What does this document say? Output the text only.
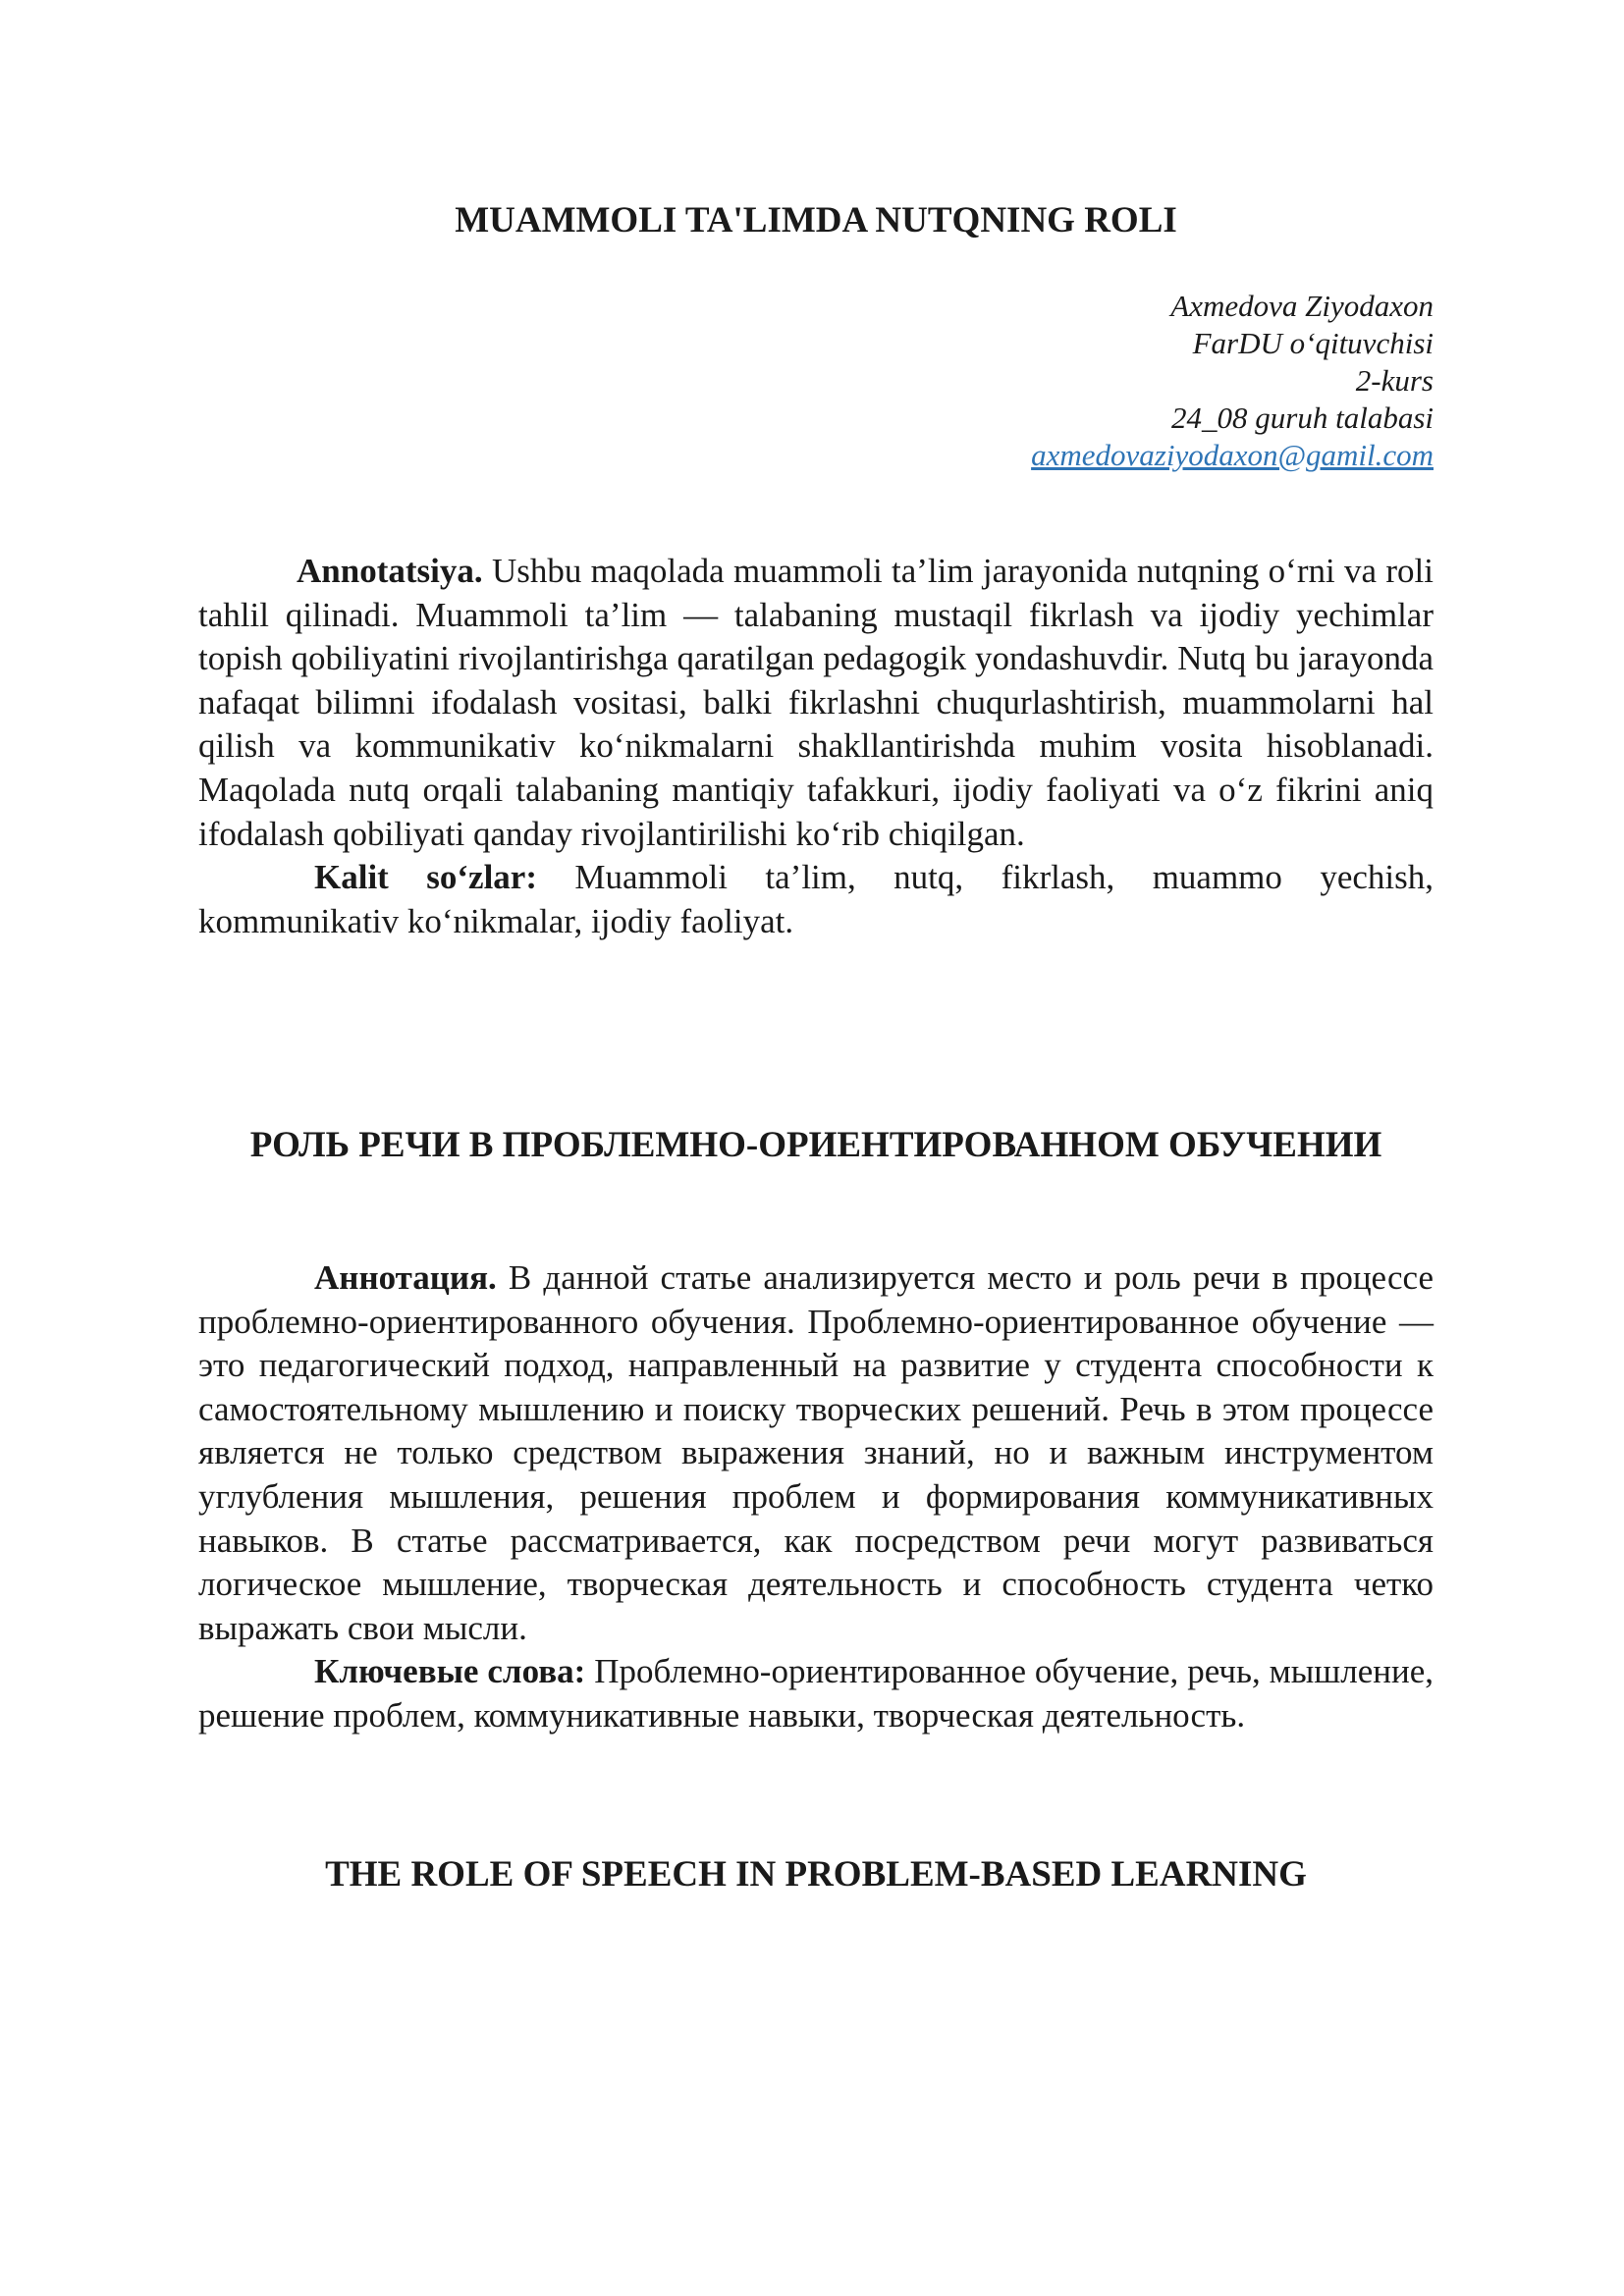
MUAMMOLI TA'LIMDA NUTQNING ROLI
Axmedova Ziyodaxon
FarDU o‘qituvchisi
2-kurs
24_08 guruh talabasi
axmedovaziyodaxon@gamil.com

Annotatsiya. Ushbu maqolada muammoli ta’lim jarayonida nutqning o‘rni va roli tahlil qilinadi. Muammoli ta’lim — talabaning mustaqil fikrlash va ijodiy yechimlar topish qobiliyatini rivojlantirishga qaratilgan pedagogik yondashuvdir. Nutq bu jarayonda nafaqat bilimni ifodalash vositasi, balki fikrlashni chuqurlashtirish, muammolarni hal qilish va kommunikativ ko‘nikmalarni shakllantirishda muhim vosita hisoblanadi. Maqolada nutq orqali talabaning mantiqiy tafakkuri, ijodiy faoliyati va o‘z fikrini aniq ifodalash qobiliyati qanday rivojlantirilishi ko‘rib chiqilgan.
Kalit so‘zlar: Muammoli ta’lim, nutq, fikrlash, muammo yechish, kommunikativ ko‘nikmalar, ijodiy faoliyat.

РОЛЬ РЕЧИ В ПРОБЛЕМНО-ОРИЕНТИРОВАННОМ ОБУЧЕНИИ

Аннотация. В данной статье анализируется место и роль речи в процессе проблемно-ориентированного обучения. Проблемно-ориентированное обучение — это педагогический подход, направленный на развитие у студента способности к самостоятельному мышлению и поиску творческих решений. Речь в этом процессе является не только средством выражения знаний, но и важным инструментом углубления мышления, решения проблем и формирования коммуникативных навыков. В статье рассматривается, как посредством речи могут развиваться логическое мышление, творческая деятельность и способность студента четко выражать свои мысли.
Ключевые слова: Проблемно-ориентированное обучение, речь, мышление, решение проблем, коммуникативные навыки, творческая деятельность.

THE ROLE OF SPEECH IN PROBLEM-BASED LEARNING
